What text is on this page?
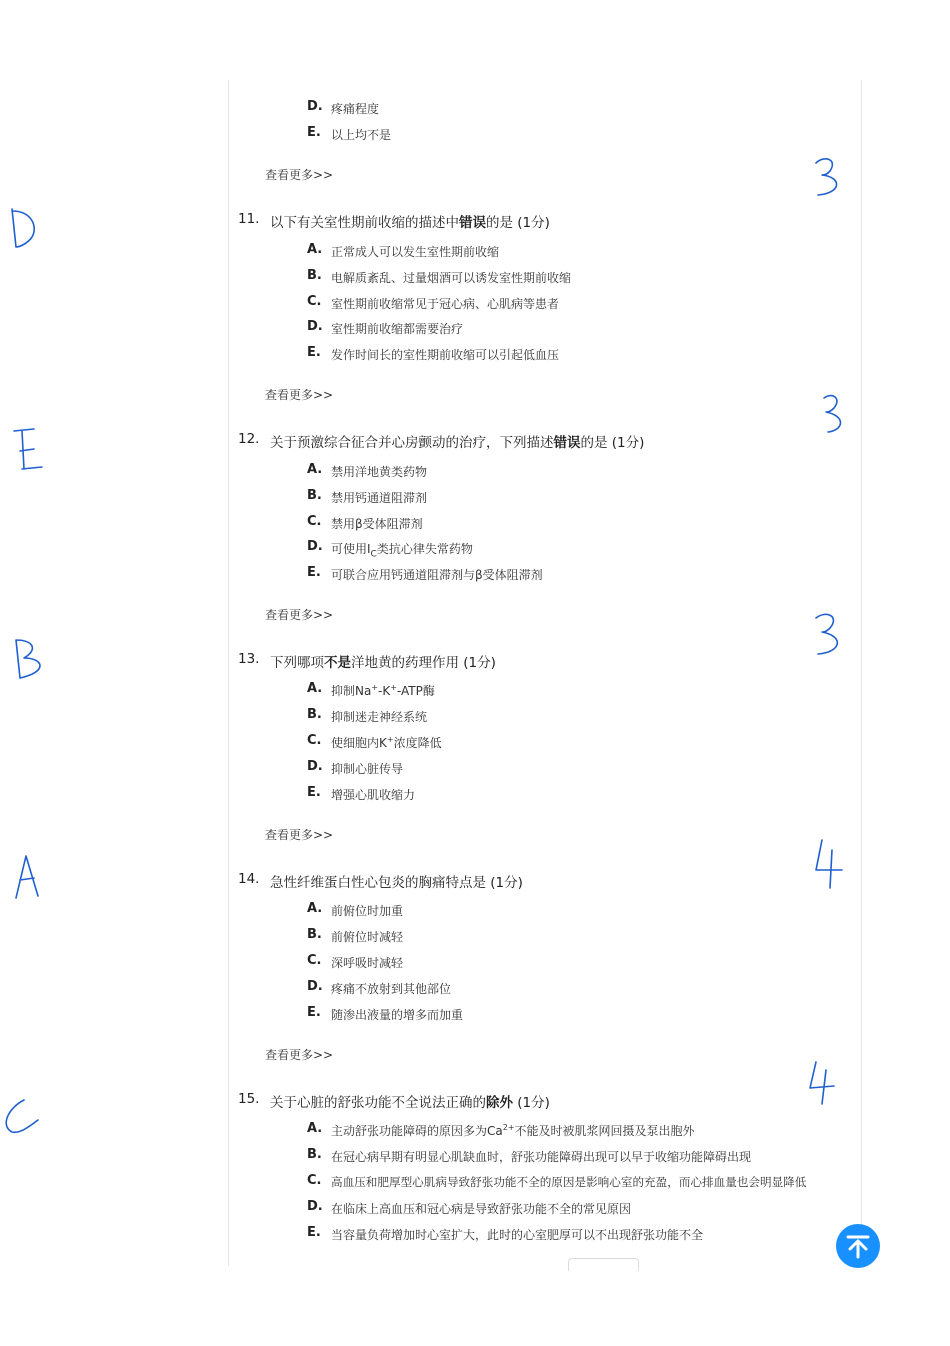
D. 疼痛程度
E. 以上均不是
查看更多>>
11. 以下有关室性期前收缩的描述中错误的是 (1分)
A. 正常成人可以发生室性期前收缩
B. 电解质紊乱、过量烟酒可以诱发室性期前收缩
C. 室性期前收缩常见于冠心病、心肌病等患者
D. 室性期前收缩都需要治疗
E. 发作时间长的室性期前收缩可以引起低血压
查看更多>>
12. 关于预激综合征合并心房颤动的治疗，下列描述错误的是 (1分)
A. 禁用洋地黄类药物
B. 禁用钙通道阻滞剂
C. 禁用β受体阻滞剂
D. 可使用$Ⅰ_C$类抗心律失常药物
E. 可联合应用钙通道阻滞剂与β受体阻滞剂
查看更多>>
13. 下列哪项不是洋地黄的药理作用 (1分)
A. 抑制Na+-K+-ATP酶
B. 抑制迷走神经系统
C. 使细胞内K+浓度降低
D. 抑制心脏传导
E. 增强心肌收缩力
查看更多>>
14. 急性纤维蛋白性心包炎的胸痛特点是 (1分)
A. 前俯位时加重
B. 前俯位时减轻
C. 深呼吸时减轻
D. 疼痛不放射到其他部位
E. 随渗出液量的增多而加重
查看更多>>
15. 关于心脏的舒张功能不全说法正确的除外 (1分)
A. 主动舒张功能障碍的原因多为$Ca^{2+}$不能及时被肌浆网回摄及泵出胞外
B. 在冠心病早期有明显心肌缺血时，舒张功能障碍出现可以早于收缩功能障碍出现
C. 高血压和肥厚型心肌病导致舒张功能不全的原因是影响心室的充盈，而心排血量也会明显降低
D. 在临床上高血压和冠心病是导致舒张功能不全的常见原因
E. 当容量负荷增加时心室扩大，此时的心室肥厚可以不出现舒张功能不全
